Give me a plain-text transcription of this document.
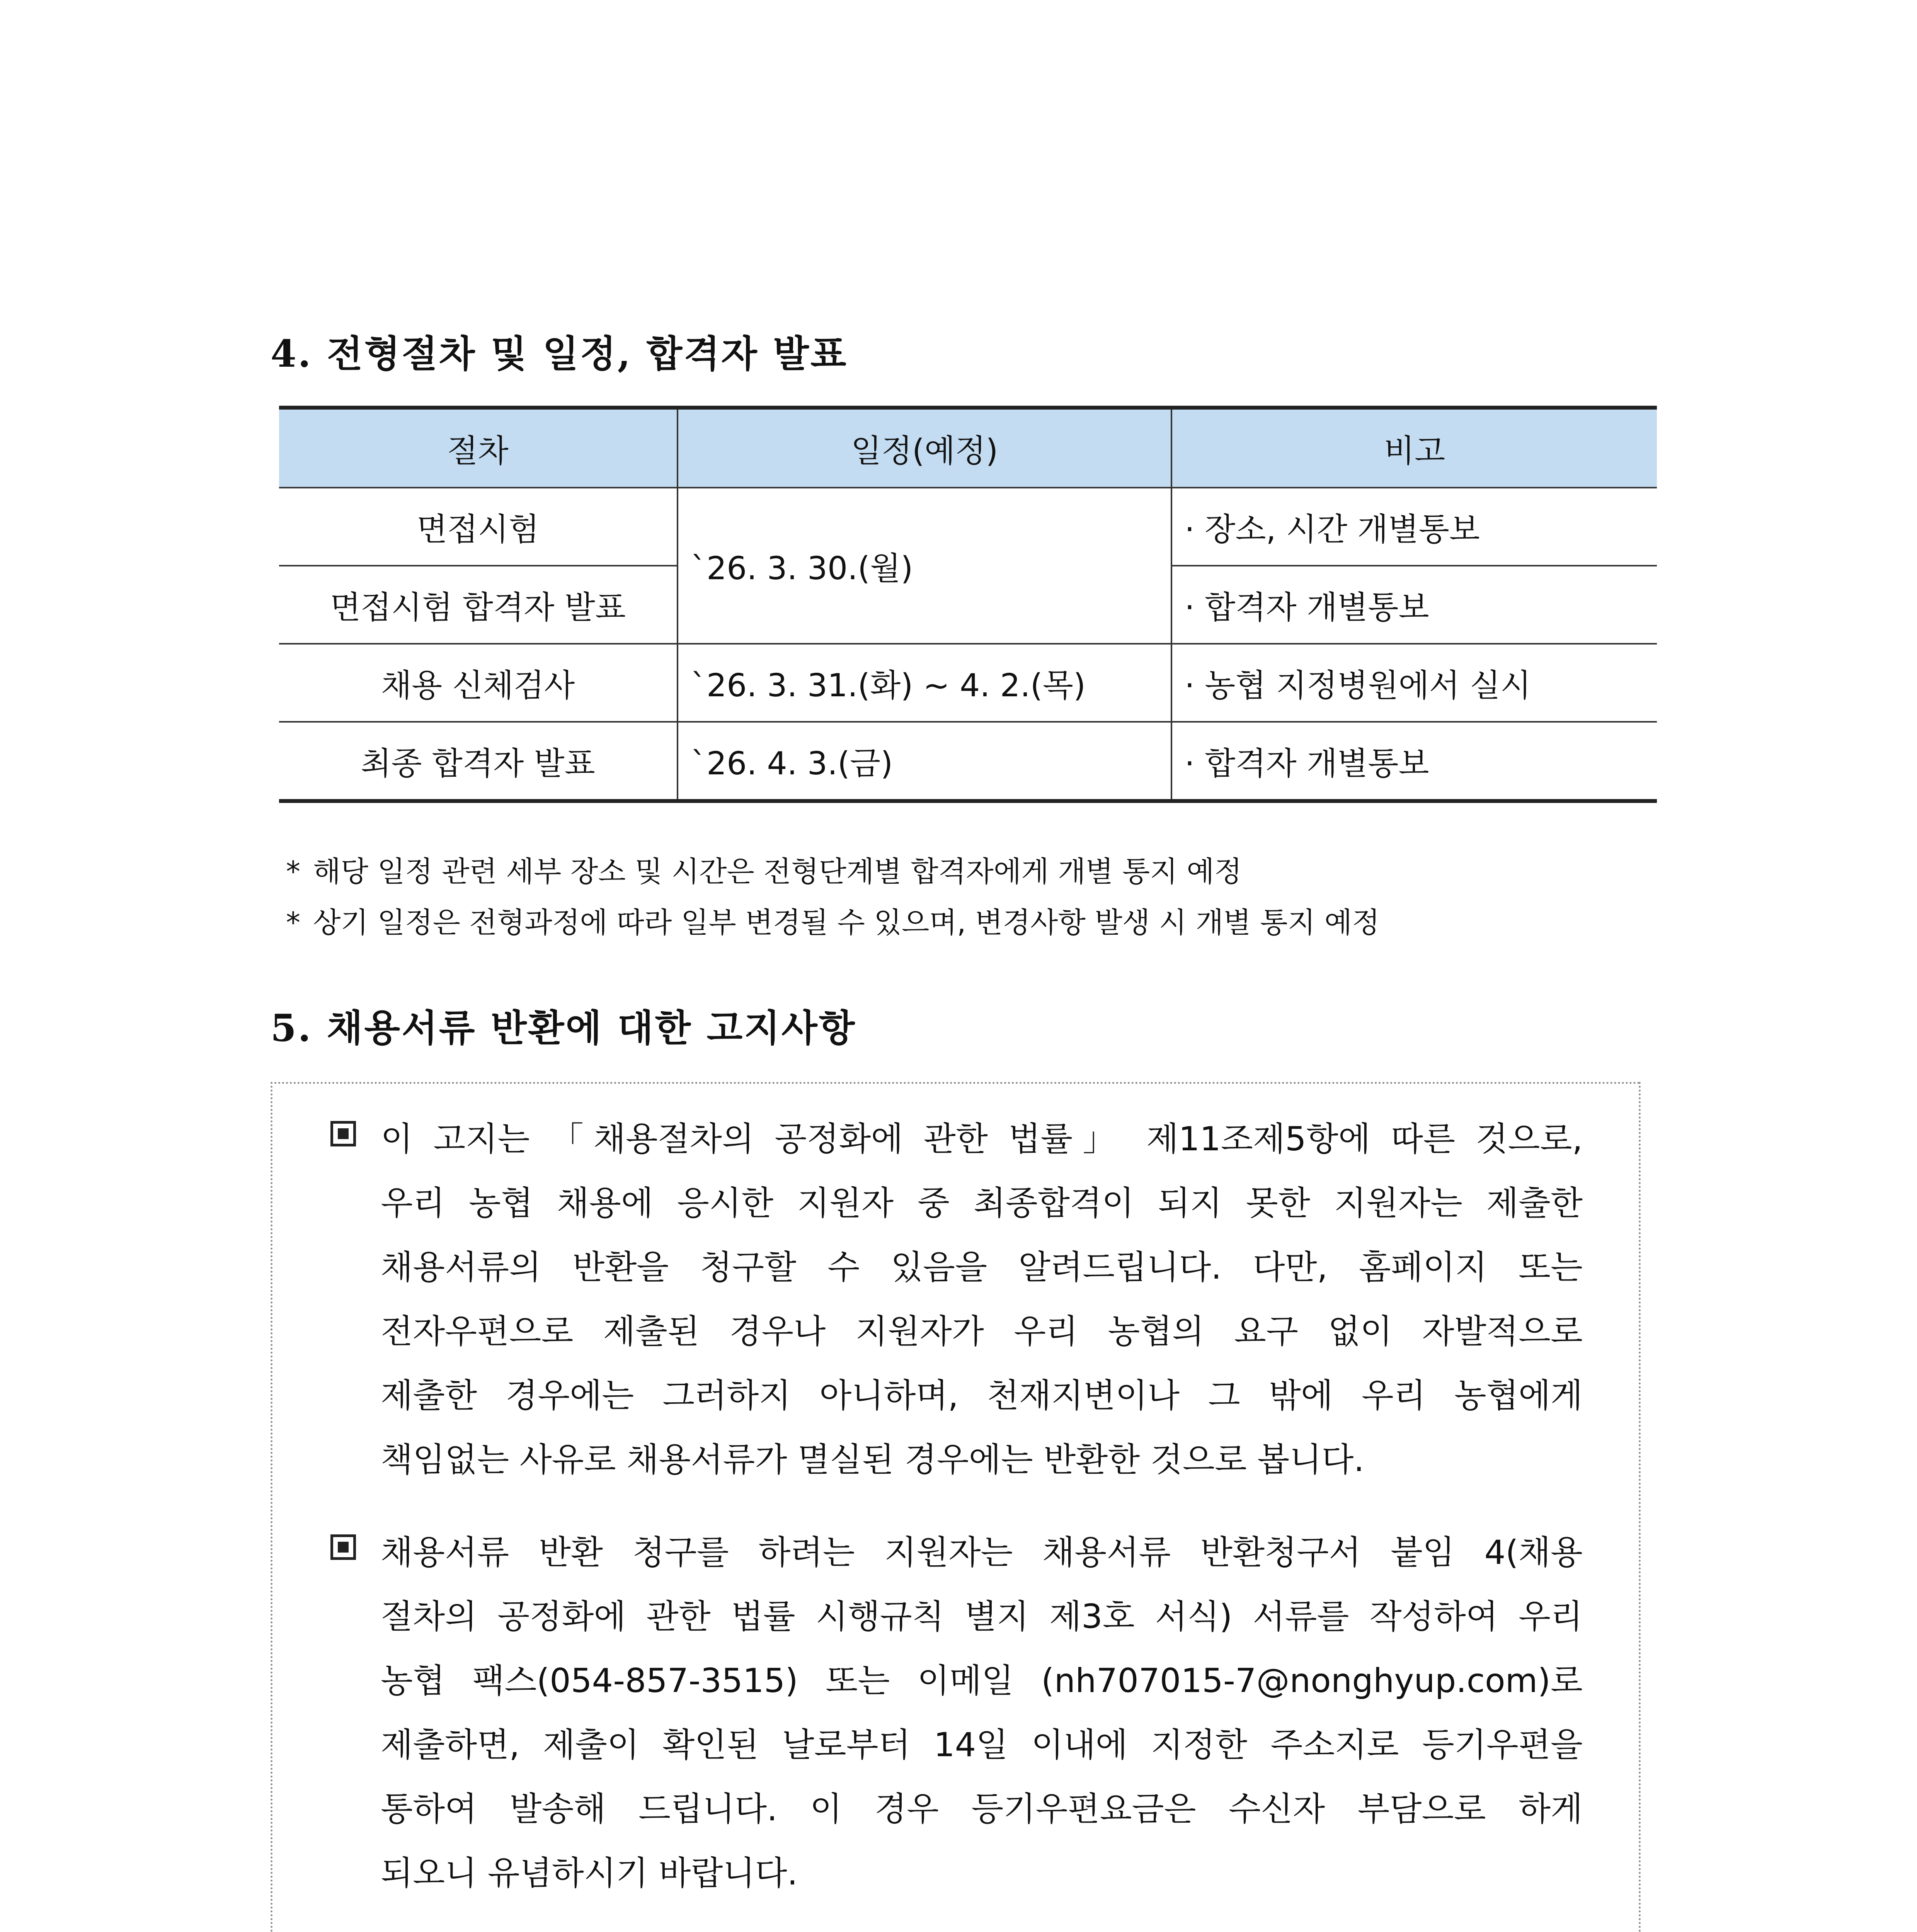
4. 전형절차 및 일정, 합격자 발표
절차	일정(예정)	비고
면접시험	`26. 3. 30.(월)	· 장소, 시간 개별통보
면접시험 합격자 발표		· 합격자 개별통보
채용 신체검사	`26. 3. 31.(화) ~ 4. 2.(목)	· 농협 지정병원에서 실시
최종 합격자 발표	`26. 4. 3.(금)	· 합격자 개별통보
* 해당 일정 관련 세부 장소 및 시간은 전형단계별 합격자에게 개별 통지 예정
* 상기 일정은 전형과정에 따라 일부 변경될 수 있으며, 변경사항 발생 시 개별 통지 예정
5. 채용서류 반환에 대한 고지사항
이 고지는 「채용절차의 공정화에 관한 법률」 제11조제5항에 따른 것으로,
우리 농협 채용에 응시한 지원자 중 최종합격이 되지 못한 지원자는 제출한
채용서류의 반환을 청구할 수 있음을 알려드립니다. 다만, 홈페이지 또는
전자우편으로 제출된 경우나 지원자가 우리 농협의 요구 없이 자발적으로
제출한 경우에는 그러하지 아니하며, 천재지변이나 그 밖에 우리 농협에게
책임없는 사유로 채용서류가 멸실된 경우에는 반환한 것으로 봅니다.
채용서류 반환 청구를 하려는 지원자는 채용서류 반환청구서 붙임 4(채용
절차의 공정화에 관한 법률 시행규칙 별지 제3호 서식) 서류를 작성하여 우리
농협 팩스(054-857-3515) 또는 이메일 (nh707015-7@nonghyup.com)로
제출하면, 제출이 확인된 날로부터 14일 이내에 지정한 주소지로 등기우편을
통하여 발송해 드립니다. 이 경우 등기우편요금은 수신자 부담으로 하게
되오니 유념하시기 바랍니다.
